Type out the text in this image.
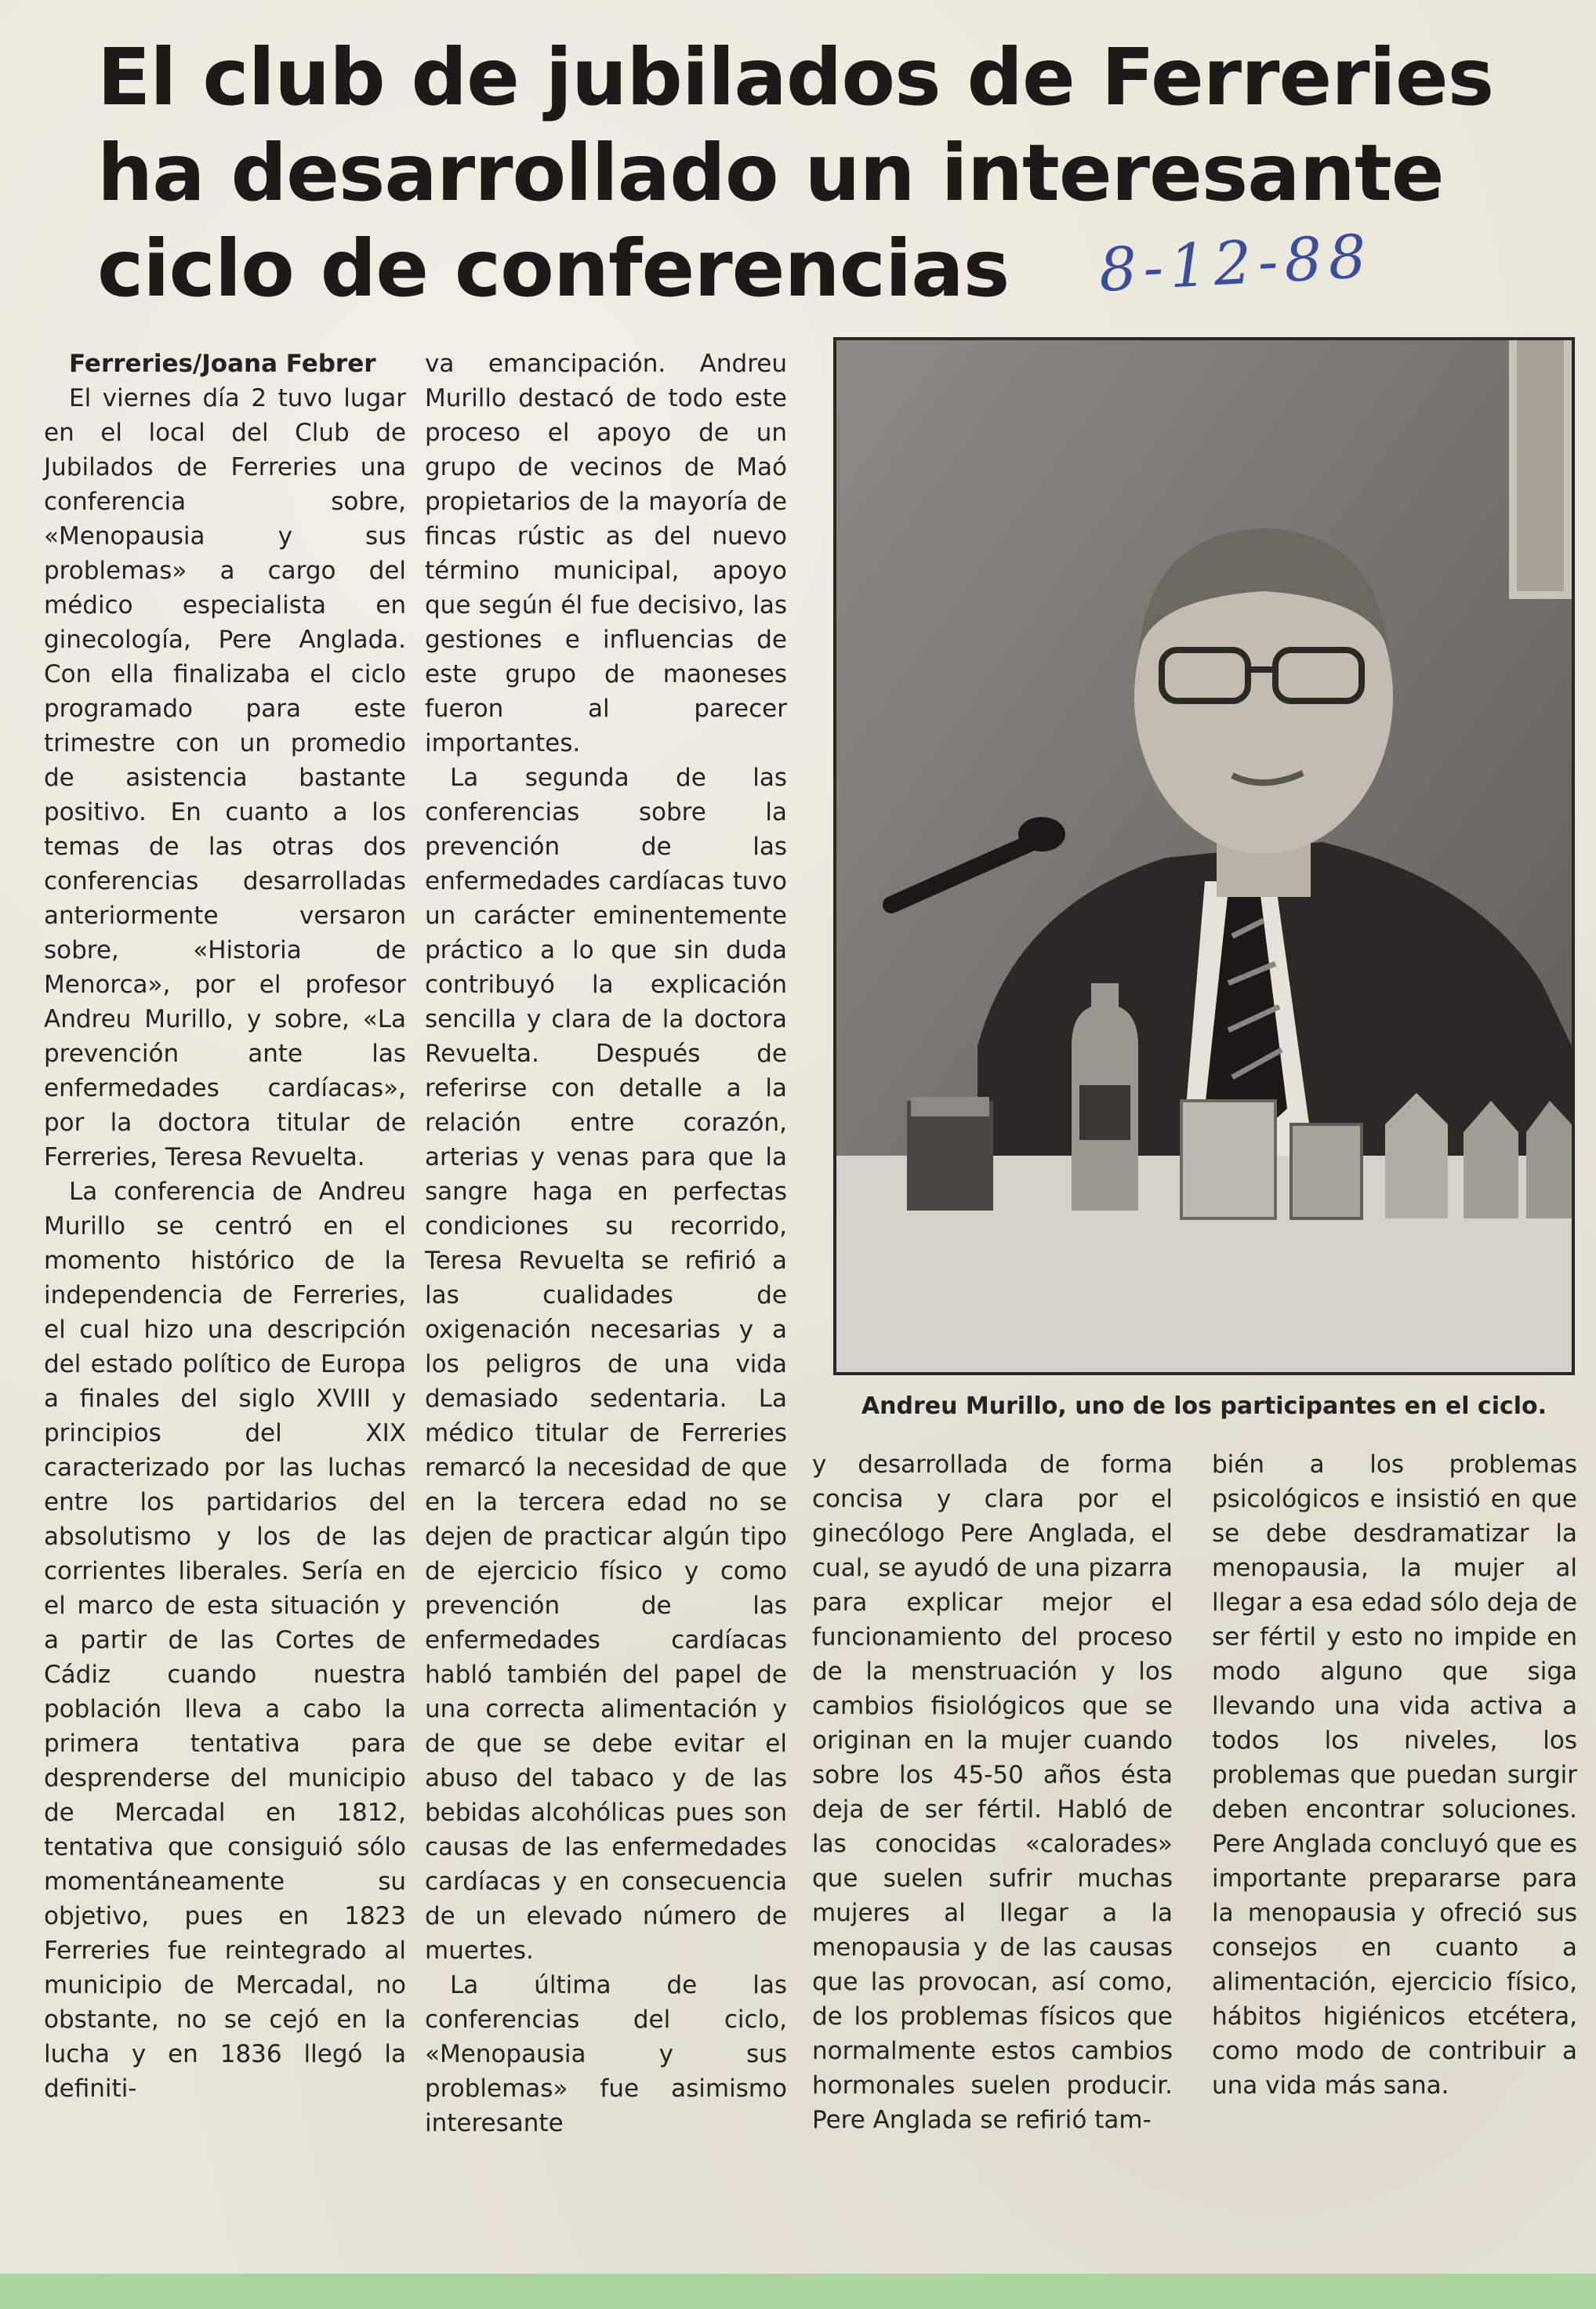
El club de jubilados de Ferreries
ha desarrollado un interesante
ciclo de conferencias	8-12-88

Ferreries/Joana Febrer

El viernes día 2 tuvo lugar en el local del Club de Jubilados de Ferreries una conferencia sobre, «Menopausia y sus problemas» a cargo del médico especialista en ginecología, Pere Anglada. Con ella finalizaba el ciclo programado para este trimestre con un promedio de asistencia bastante positivo. En cuanto a los temas de las otras dos conferencias desarrolladas anteriormente versaron sobre, «Historia de Menorca», por el profesor Andreu Murillo, y sobre, «La prevención ante las enfermedades cardíacas», por la doctora titular de Ferreries, Teresa Revuelta.

La conferencia de Andreu Murillo se centró en el momento histórico de la independencia de Ferreries, el cual hizo una descripción del estado político de Europa a finales del siglo XVIII y principios del XIX caracterizado por las luchas entre los partidarios del absolutismo y los de las corrientes liberales. Sería en el marco de esta situación y a partir de las Cortes de Cádiz cuando nuestra población lleva a cabo la primera tentativa para desprenderse del municipio de Mercadal en 1812, tentativa que consiguió sólo momentáneamente su objetivo, pues en 1823 Ferreries fue reintegrado al municipio de Mercadal, no obstante, no se cejó en la lucha y en 1836 llegó la definiti-

va emancipación. Andreu Murillo destacó de todo este proceso el apoyo de un grupo de vecinos de Maó propietarios de la mayoría de fincas rústic as del nuevo término municipal, apoyo que según él fue decisivo, las gestiones e influencias de este grupo de maoneses fueron al parecer importantes.

La segunda de las conferencias sobre la prevención de las enfermedades cardíacas tuvo un carácter eminentemente práctico a lo que sin duda contribuyó la explicación sencilla y clara de la doctora Revuelta. Después de referirse con detalle a la relación entre corazón, arterias y venas para que la sangre haga en perfectas condiciones su recorrido, Teresa Revuelta se refirió a las cualidades de oxigenación necesarias y a los peligros de una vida demasiado sedentaria. La médico titular de Ferreries remarcó la necesidad de que en la tercera edad no se dejen de practicar algún tipo de ejercicio físico y como prevención de las enfermedades cardíacas habló también del papel de una correcta alimentación y de que se debe evitar el abuso del tabaco y de las bebidas alcohólicas pues son causas de las enfermedades cardíacas y en consecuencia de un elevado número de muertes.

La última de las conferencias del ciclo, «Menopausia y sus problemas» fue asimismo interesante

Andreu Murillo, uno de los participantes en el ciclo.

y desarrollada de forma concisa y clara por el ginecólogo Pere Anglada, el cual, se ayudó de una pizarra para explicar mejor el funcionamiento del proceso de la menstruación y los cambios fisiológicos que se originan en la mujer cuando sobre los 45-50 años ésta deja de ser fértil. Habló de las conocidas «calorades» que suelen sufrir muchas mujeres al llegar a la menopausia y de las causas que las provocan, así como, de los problemas físicos que normalmente estos cambios hormonales suelen producir. Pere Anglada se refirió tam-

bién a los problemas psicológicos e insistió en que se debe desdramatizar la menopausia, la mujer al llegar a esa edad sólo deja de ser fértil y esto no impide en modo alguno que siga llevando una vida activa a todos los niveles, los problemas que puedan surgir deben encontrar soluciones. Pere Anglada concluyó que es importante prepararse para la menopausia y ofreció sus consejos en cuanto a alimentación, ejercicio físico, hábitos higiénicos etcétera, como modo de contribuir a una vida más sana.
